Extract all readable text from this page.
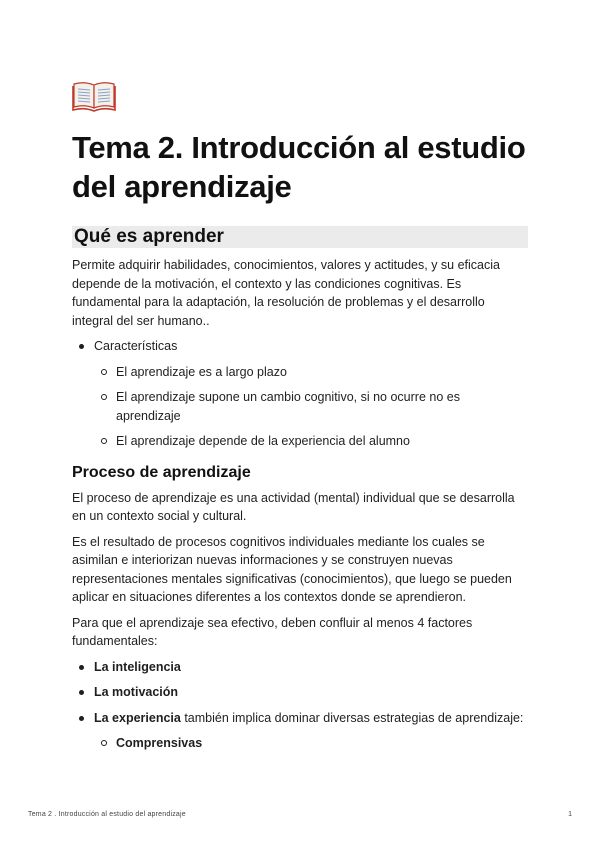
Tema 2. Introducción al estudio del aprendizaje
Qué es aprender

Permite adquirir habilidades, conocimientos, valores y actitudes, y su eficacia depende de la motivación, el contexto y las condiciones cognitivas. Es fundamental para la adaptación, la resolución de problemas y el desarrollo integral del ser humano..

Características
El aprendizaje es a largo plazo
El aprendizaje supone un cambio cognitivo, si no ocurre no es aprendizaje
El aprendizaje depende de la experiencia del alumno
Proceso de aprendizaje

El proceso de aprendizaje es una actividad (mental) individual que se desarrolla en un contexto social y cultural.

Es el resultado de procesos cognitivos individuales mediante los cuales se asimilan e interiorizan nuevas informaciones y se construyen nuevas representaciones mentales significativas (conocimientos), que luego se pueden aplicar en situaciones diferentes a los contextos donde se aprendieron.

Para que el aprendizaje sea efectivo, deben confluir al menos 4 factores fundamentales:

La inteligencia
La motivación
La experiencia también implica dominar diversas estrategias de aprendizaje:
Comprensivas
Tema 2 . Introducción al estudio del aprendizaje	1
